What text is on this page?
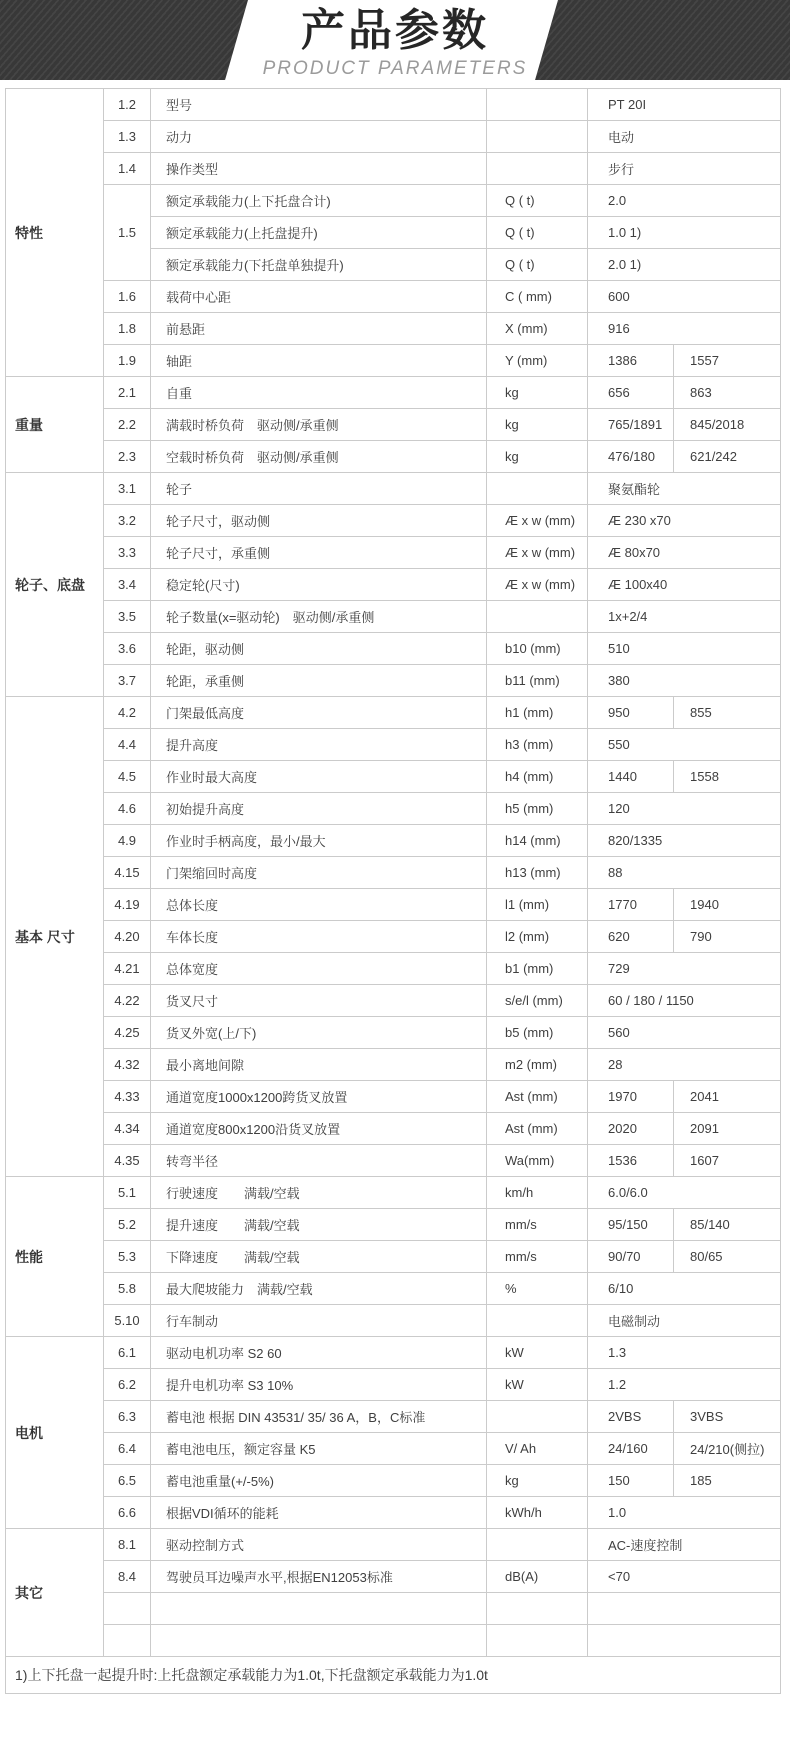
产品参数
PRODUCT PARAMETERS
特性	1.2	型号		PT 20I	
	1.3	动力		电动	
	1.4	操作类型		步行	
	1.5	额定承载能力(上下托盘合计)	Q ( t)	2.0	
		额定承载能力(上托盘提升)	Q ( t)	1.0 1)	
		额定承载能力(下托盘单独提升)	Q ( t)	2.0 1)	
	1.6	载荷中心距	C ( mm)	600	
	1.8	前悬距	X (mm)	916	
	1.9	轴距	Y (mm)	1386	1557
重量	2.1	自重	kg	656	863
	2.2	满载时桥负荷　驱动侧/承重侧	kg	765/1891	845/2018
	2.3	空载时桥负荷　驱动侧/承重侧	kg	476/180	621/242
轮子、底盘	3.1	轮子		聚氨酯轮	
	3.2	轮子尺寸，驱动侧	Æ x w (mm)	Æ 230 x70	
	3.3	轮子尺寸，承重侧	Æ x w (mm)	Æ 80x70	
	3.4	稳定轮(尺寸)	Æ x w (mm)	Æ 100x40	
	3.5	轮子数量(x=驱动轮)　驱动侧/承重侧		1x+2/4	
	3.6	轮距，驱动侧	b10 (mm)	510	
	3.7	轮距，承重侧	b11 (mm)	380	
基本 尺寸	4.2	门架最低高度	h1 (mm)	950	855
	4.4	提升高度	h3 (mm)	550	
	4.5	作业时最大高度	h4 (mm)	1440	1558
	4.6	初始提升高度	h5 (mm)	120	
	4.9	作业时手柄高度，最小/最大	h14 (mm)	820/1335	
	4.15	门架缩回时高度	h13 (mm)	88	
	4.19	总体长度	l1 (mm)	1770	1940
	4.20	车体长度	l2 (mm)	620	790
	4.21	总体宽度	b1 (mm)	729	
	4.22	货叉尺寸	s/e/l (mm)	60 / 180 / 1150	
	4.25	货叉外宽(上/下)	b5 (mm)	560	
	4.32	最小离地间隙	m2 (mm)	28	
	4.33	通道宽度1000x1200跨货叉放置	Ast (mm)	1970	2041
	4.34	通道宽度800x1200沿货叉放置	Ast (mm)	2020	2091
	4.35	转弯半径	Wa(mm)	1536	1607
性能	5.1	行驶速度　　满载/空载	km/h	6.0/6.0	
	5.2	提升速度　　满载/空载	mm/s	95/150	85/140
	5.3	下降速度　　满载/空载	mm/s	90/70	80/65
	5.8	最大爬坡能力　满载/空载	%	6/10	
	5.10	行车制动		电磁制动	
电机	6.1	驱动电机功率 S2 60	kW	1.3	
	6.2	提升电机功率 S3 10%	kW	1.2	
	6.3	蓄电池 根据 DIN 43531/ 35/ 36 A，B，C标准		2VBS	3VBS
	6.4	蓄电池电压，额定容量 K5	V/ Ah	24/160	24/210(侧拉)
	6.5	蓄电池重量(+/-5%)	kg	150	185
	6.6	根据VDI循环的能耗	kWh/h	1.0	
其它	8.1	驱动控制方式		AC-速度控制	
	8.4	驾驶员耳边噪声水平,根据EN12053标准	dB(A)	<70	

1)上下托盘一起提升时:上托盘额定承载能力为1.0t,下托盘额定承载能力为1.0t					
